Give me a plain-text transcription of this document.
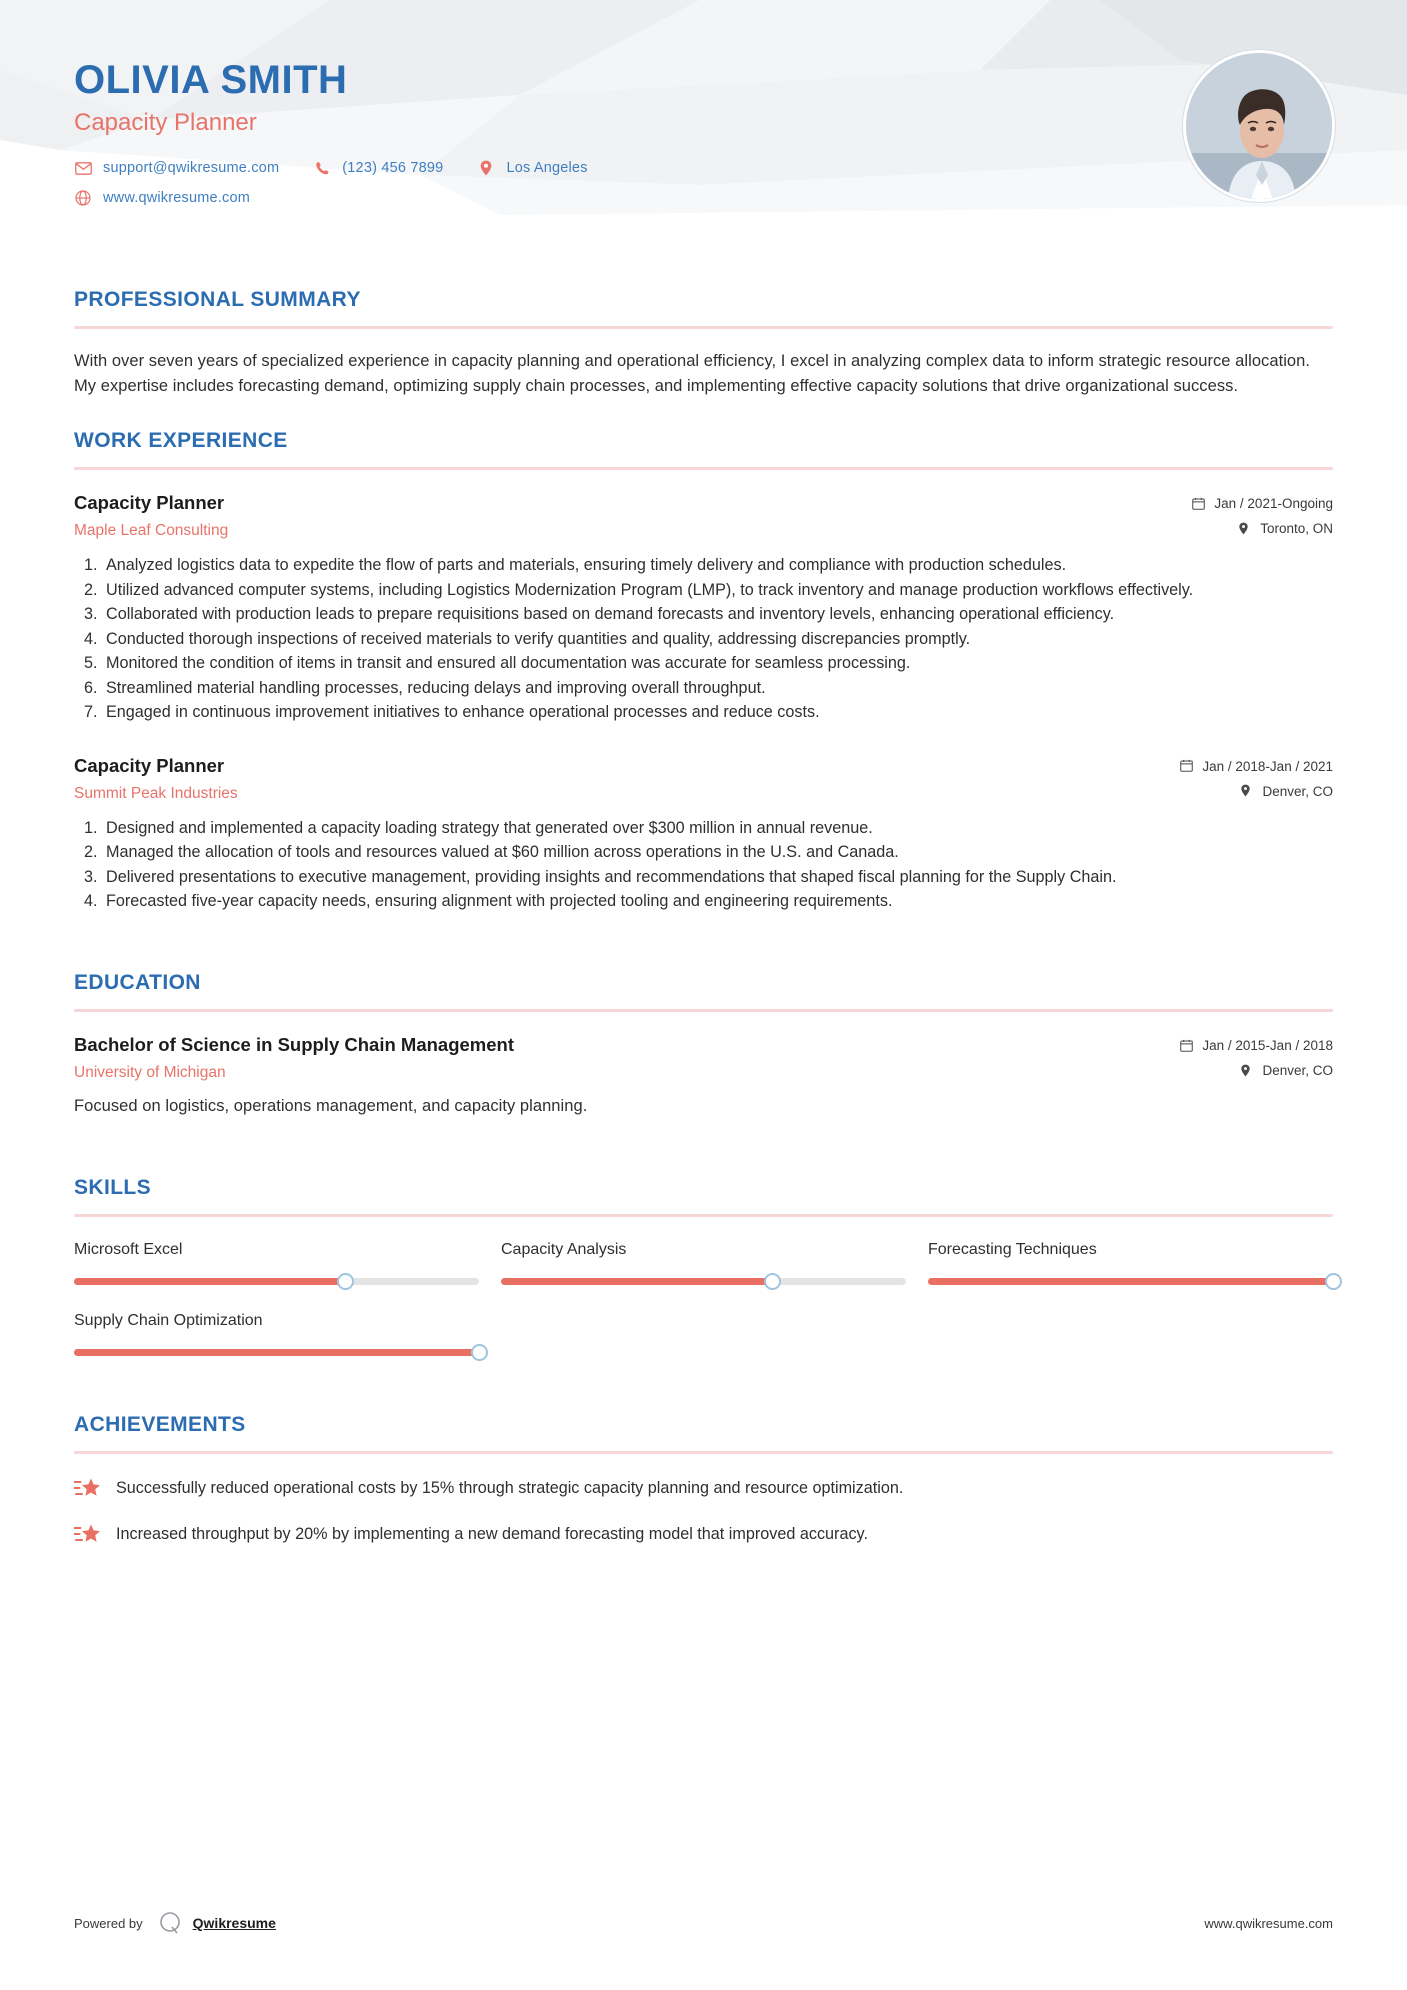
OLIVIA SMITH
Capacity Planner
support@qwikresume.com	(123) 456 7899	Los Angeles
www.qwikresume.com
PROFESSIONAL SUMMARY
With over seven years of specialized experience in capacity planning and operational efficiency, I excel in analyzing complex data to inform strategic resource allocation. My expertise includes forecasting demand, optimizing supply chain processes, and implementing effective capacity solutions that drive organizational success.
WORK EXPERIENCE
Capacity Planner
Maple Leaf Consulting
Jan / 2021-Ongoing
Toronto, ON
1. Analyzed logistics data to expedite the flow of parts and materials, ensuring timely delivery and compliance with production schedules.
2. Utilized advanced computer systems, including Logistics Modernization Program (LMP), to track inventory and manage production workflows effectively.
3. Collaborated with production leads to prepare requisitions based on demand forecasts and inventory levels, enhancing operational efficiency.
4. Conducted thorough inspections of received materials to verify quantities and quality, addressing discrepancies promptly.
5. Monitored the condition of items in transit and ensured all documentation was accurate for seamless processing.
6. Streamlined material handling processes, reducing delays and improving overall throughput.
7. Engaged in continuous improvement initiatives to enhance operational processes and reduce costs.
Capacity Planner
Summit Peak Industries
Jan / 2018-Jan / 2021
Denver, CO
1. Designed and implemented a capacity loading strategy that generated over $300 million in annual revenue.
2. Managed the allocation of tools and resources valued at $60 million across operations in the U.S. and Canada.
3. Delivered presentations to executive management, providing insights and recommendations that shaped fiscal planning for the Supply Chain.
4. Forecasted five-year capacity needs, ensuring alignment with projected tooling and engineering requirements.
EDUCATION
Bachelor of Science in Supply Chain Management
University of Michigan
Jan / 2015-Jan / 2018
Denver, CO
Focused on logistics, operations management, and capacity planning.
SKILLS
Microsoft Excel	Capacity Analysis	Forecasting Techniques
Supply Chain Optimization
ACHIEVEMENTS
Successfully reduced operational costs by 15% through strategic capacity planning and resource optimization.
Increased throughput by 20% by implementing a new demand forecasting model that improved accuracy.
Powered by	Qwikresume	www.qwikresume.com
